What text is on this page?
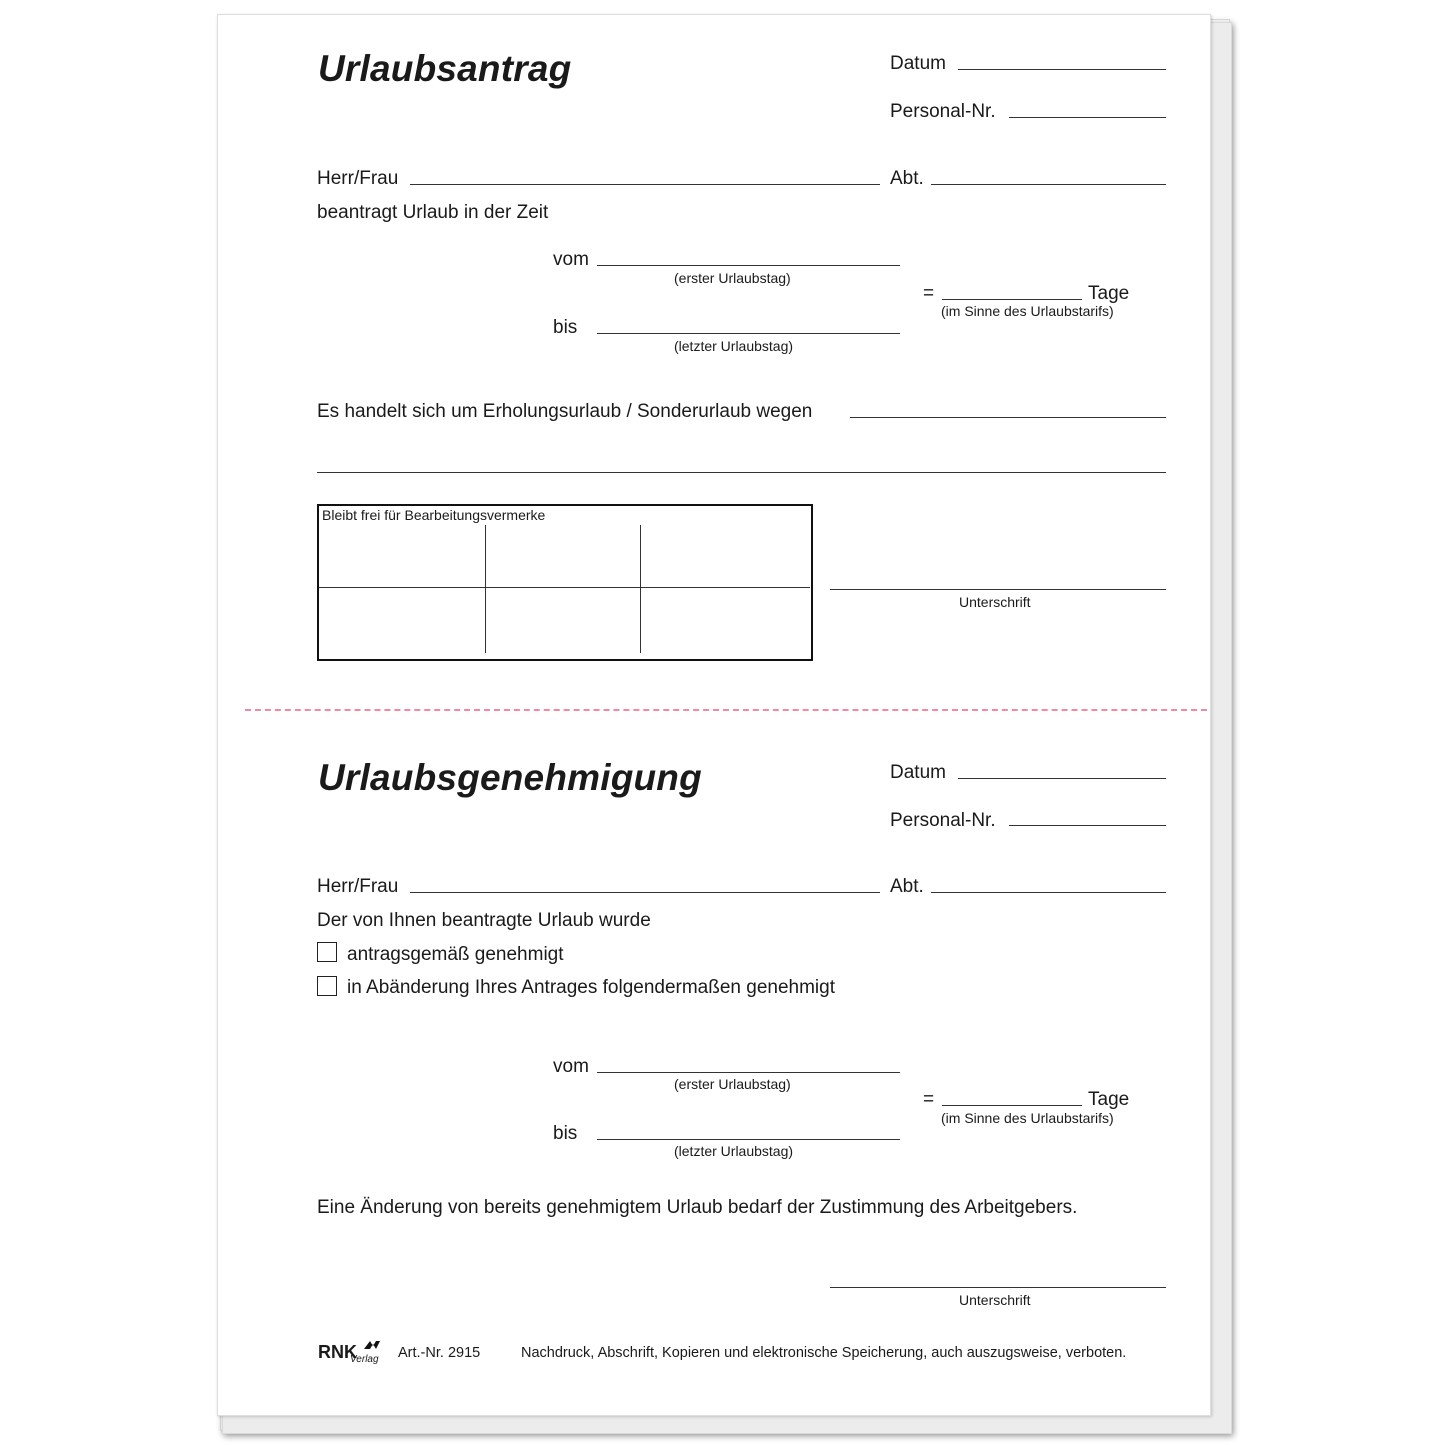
Urlaubsantrag	Datum
Personal-Nr.
Herr/Frau	Abt.
beantragt Urlaub in der Zeit
vom
(erster Urlaubstag)
=	Tage
(im Sinne des Urlaubstarifs)
bis
(letzter Urlaubstag)
Es handelt sich um Erholungsurlaub / Sonderurlaub wegen
Bleibt frei für Bearbeitungsvermerke
Unterschrift
Urlaubsgenehmigung	Datum
Personal-Nr.
Herr/Frau	Abt.
Der von Ihnen beantragte Urlaub wurde
antragsgemäß genehmigt
in Abänderung Ihres Antrages folgendermaßen genehmigt
vom
(erster Urlaubstag)
=	Tage
(im Sinne des Urlaubstarifs)
bis
(letzter Urlaubstag)
Eine Änderung von bereits genehmigtem Urlaub bedarf der Zustimmung des Arbeitgebers.
Unterschrift
RNK
Verlag Art.-Nr. 2915	Nachdruck, Abschrift, Kopieren und elektronische Speicherung, auch auszugsweise, verboten.
